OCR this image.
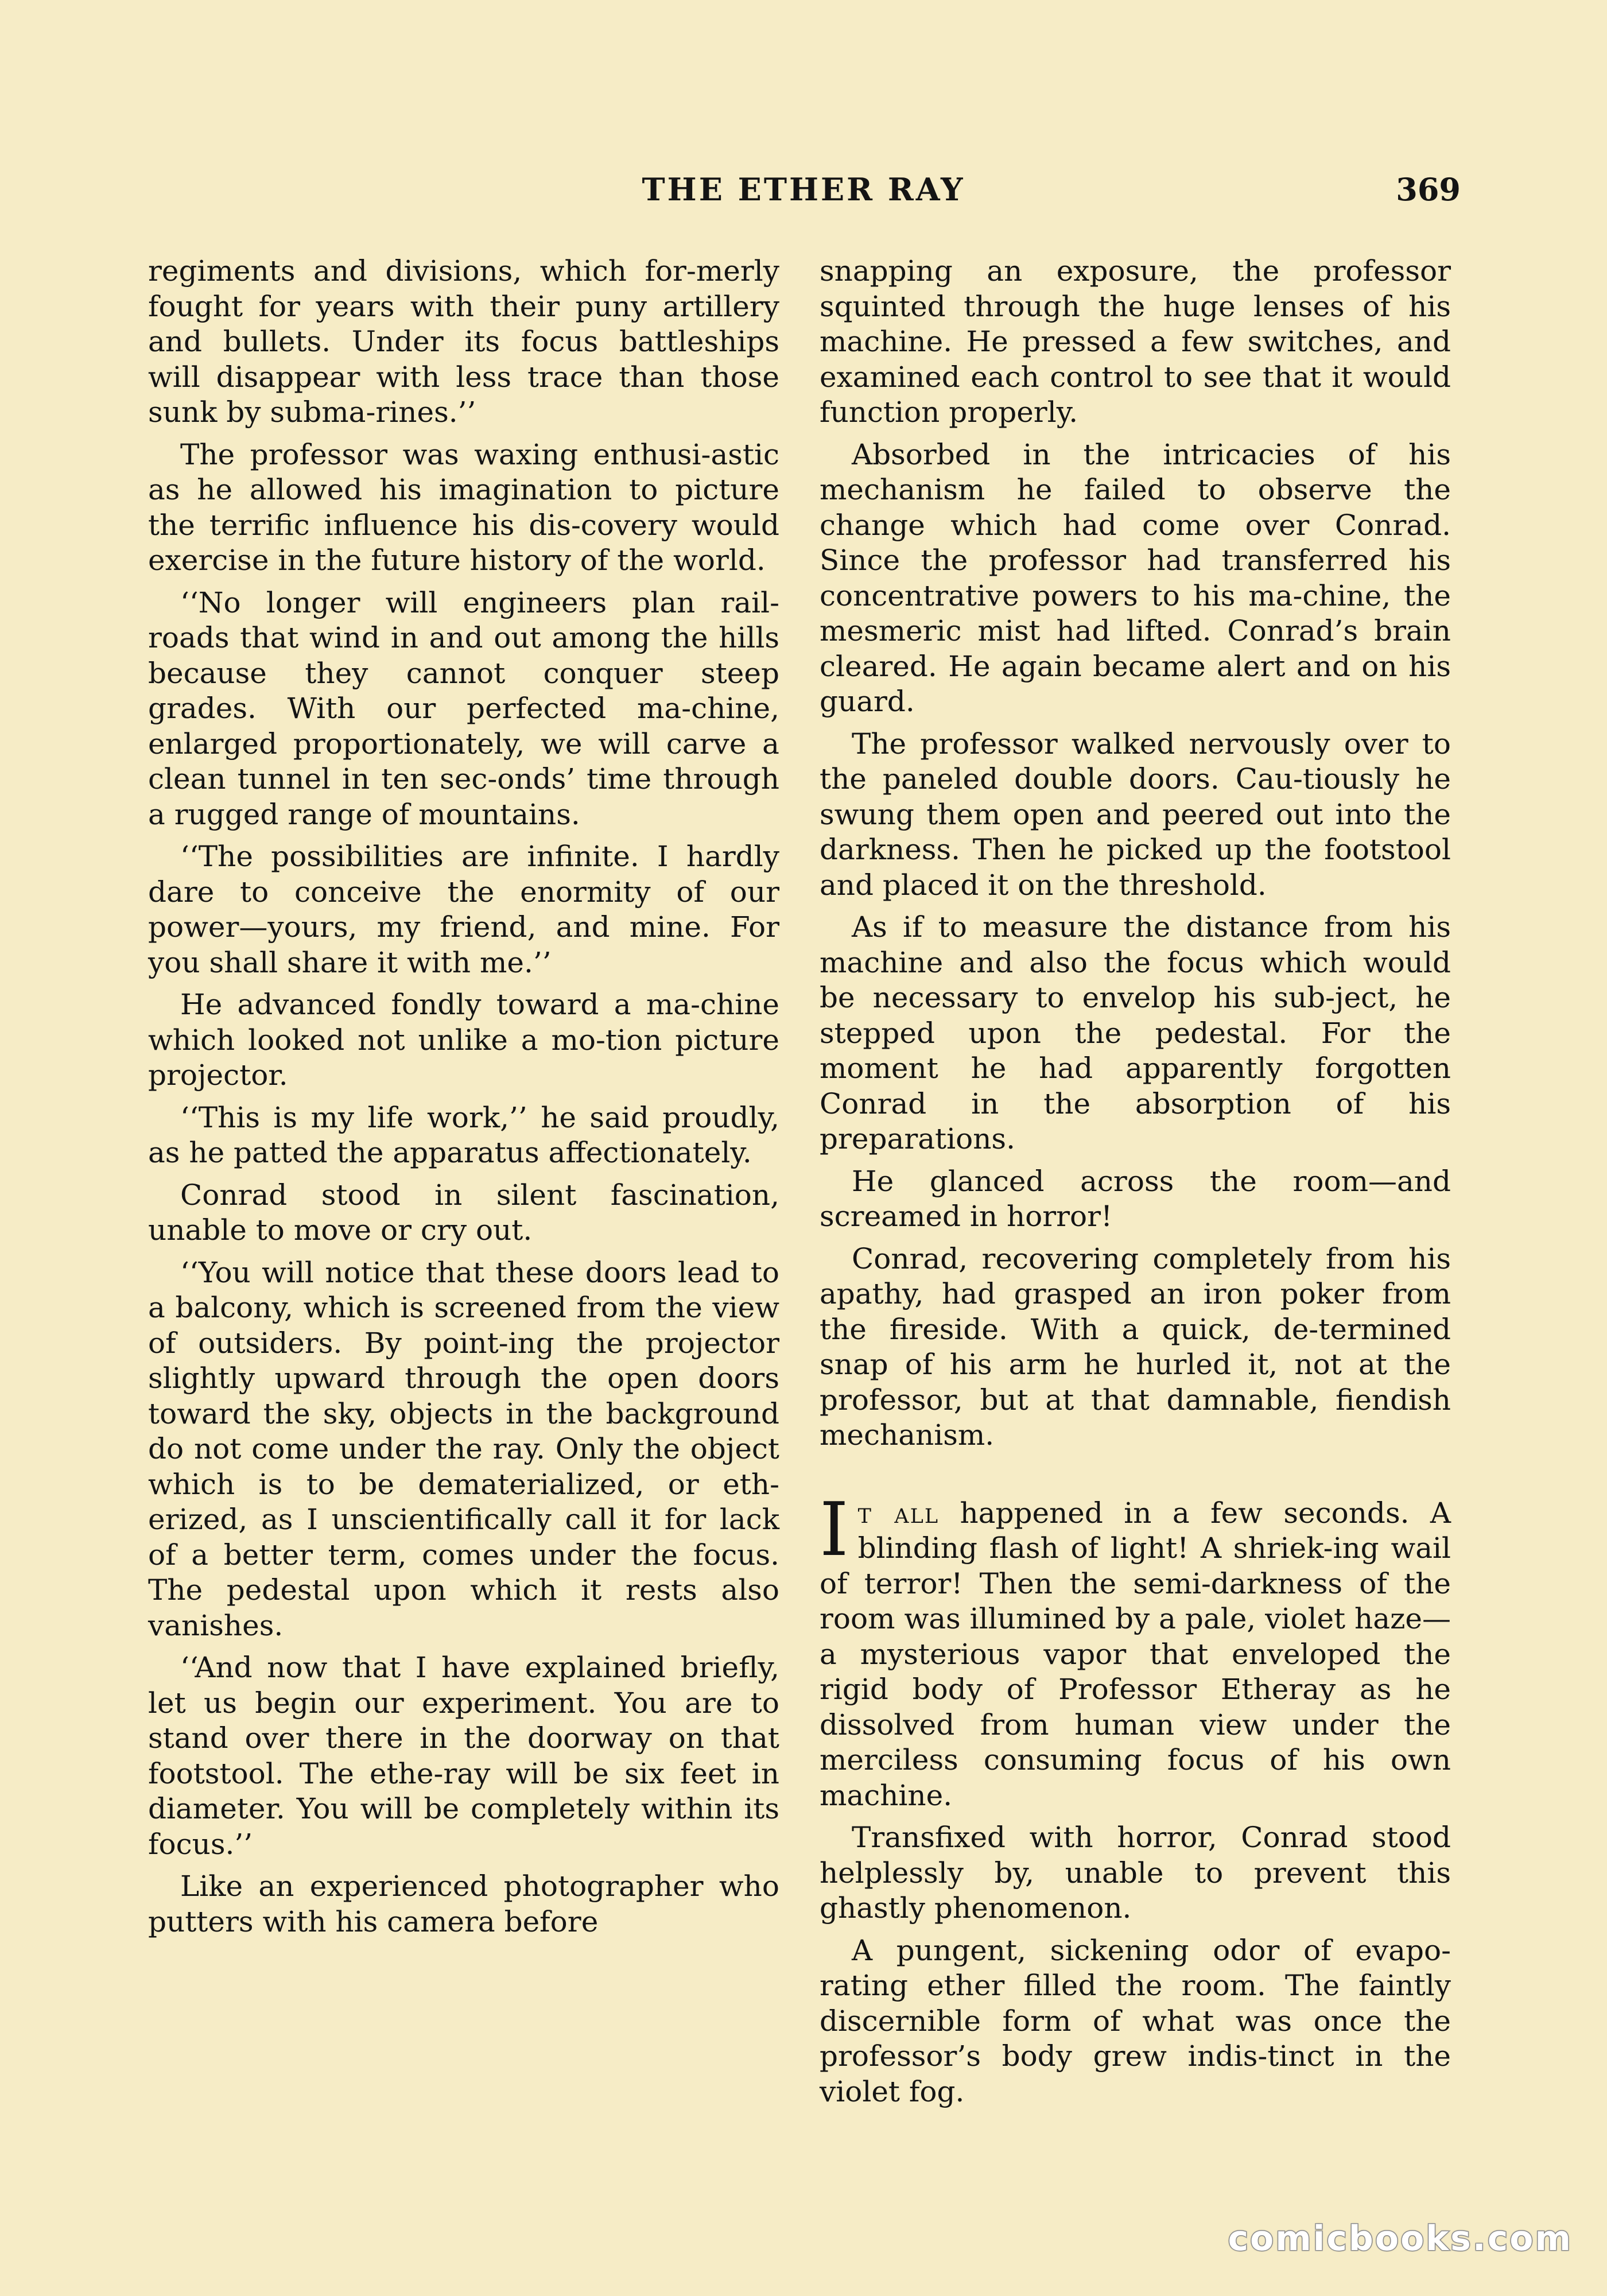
THE ETHER RAY	369

regiments and divisions, which for-merly fought for years with their puny artillery and bullets. Under its focus battleships will disappear with less trace than those sunk by subma-rines.’’

The professor was waxing enthusi-astic as he allowed his imagination to picture the terrific influence his dis-covery would exercise in the future history of the world.

‘‘No longer will engineers plan rail-roads that wind in and out among the hills because they cannot conquer steep grades. With our perfected ma-chine, enlarged proportionately, we will carve a clean tunnel in ten sec-onds’ time through a rugged range of mountains.

‘‘The possibilities are infinite. I hardly dare to conceive the enormity of our power—yours, my friend, and mine. For you shall share it with me.’’

He advanced fondly toward a ma-chine which looked not unlike a mo-tion picture projector.

‘‘This is my life work,’’ he said proudly, as he patted the apparatus affectionately.

Conrad stood in silent fascination, unable to move or cry out.

‘‘You will notice that these doors lead to a balcony, which is screened from the view of outsiders. By point-ing the projector slightly upward through the open doors toward the sky, objects in the background do not come under the ray. Only the object which is to be dematerialized, or eth-erized, as I unscientifically call it for lack of a better term, comes under the focus. The pedestal upon which it rests also vanishes.

‘‘And now that I have explained briefly, let us begin our experiment. You are to stand over there in the doorway on that footstool. The ethe-ray will be six feet in diameter. You will be completely within its focus.’’

Like an experienced photographer who putters with his camera before

snapping an exposure, the professor squinted through the huge lenses of his machine. He pressed a few switches, and examined each control to see that it would function properly.

Absorbed in the intricacies of his mechanism he failed to observe the change which had come over Conrad. Since the professor had transferred his concentrative powers to his ma-chine, the mesmeric mist had lifted. Conrad’s brain cleared. He again became alert and on his guard.

The professor walked nervously over to the paneled double doors. Cau-tiously he swung them open and peered out into the darkness. Then he picked up the footstool and placed it on the threshold.

As if to measure the distance from his machine and also the focus which would be necessary to envelop his sub-ject, he stepped upon the pedestal. For the moment he had apparently forgotten Conrad in the absorption of his preparations.

He glanced across the room—and screamed in horror!

Conrad, recovering completely from his apathy, had grasped an iron poker from the fireside. With a quick, de-termined snap of his arm he hurled it, not at the professor, but at that damnable, fiendish mechanism.

It all happened in a few seconds. A blinding flash of light! A shriek-ing wail of terror! Then the semi-darkness of the room was illumined by a pale, violet haze—a mysterious vapor that enveloped the rigid body of Professor Etheray as he dissolved from human view under the merciless consuming focus of his own machine.

Transfixed with horror, Conrad stood helplessly by, unable to prevent this ghastly phenomenon.

A pungent, sickening odor of evapo-rating ether filled the room. The faintly discernible form of what was once the professor’s body grew indis-tinct in the violet fog.

comicbooks.com
